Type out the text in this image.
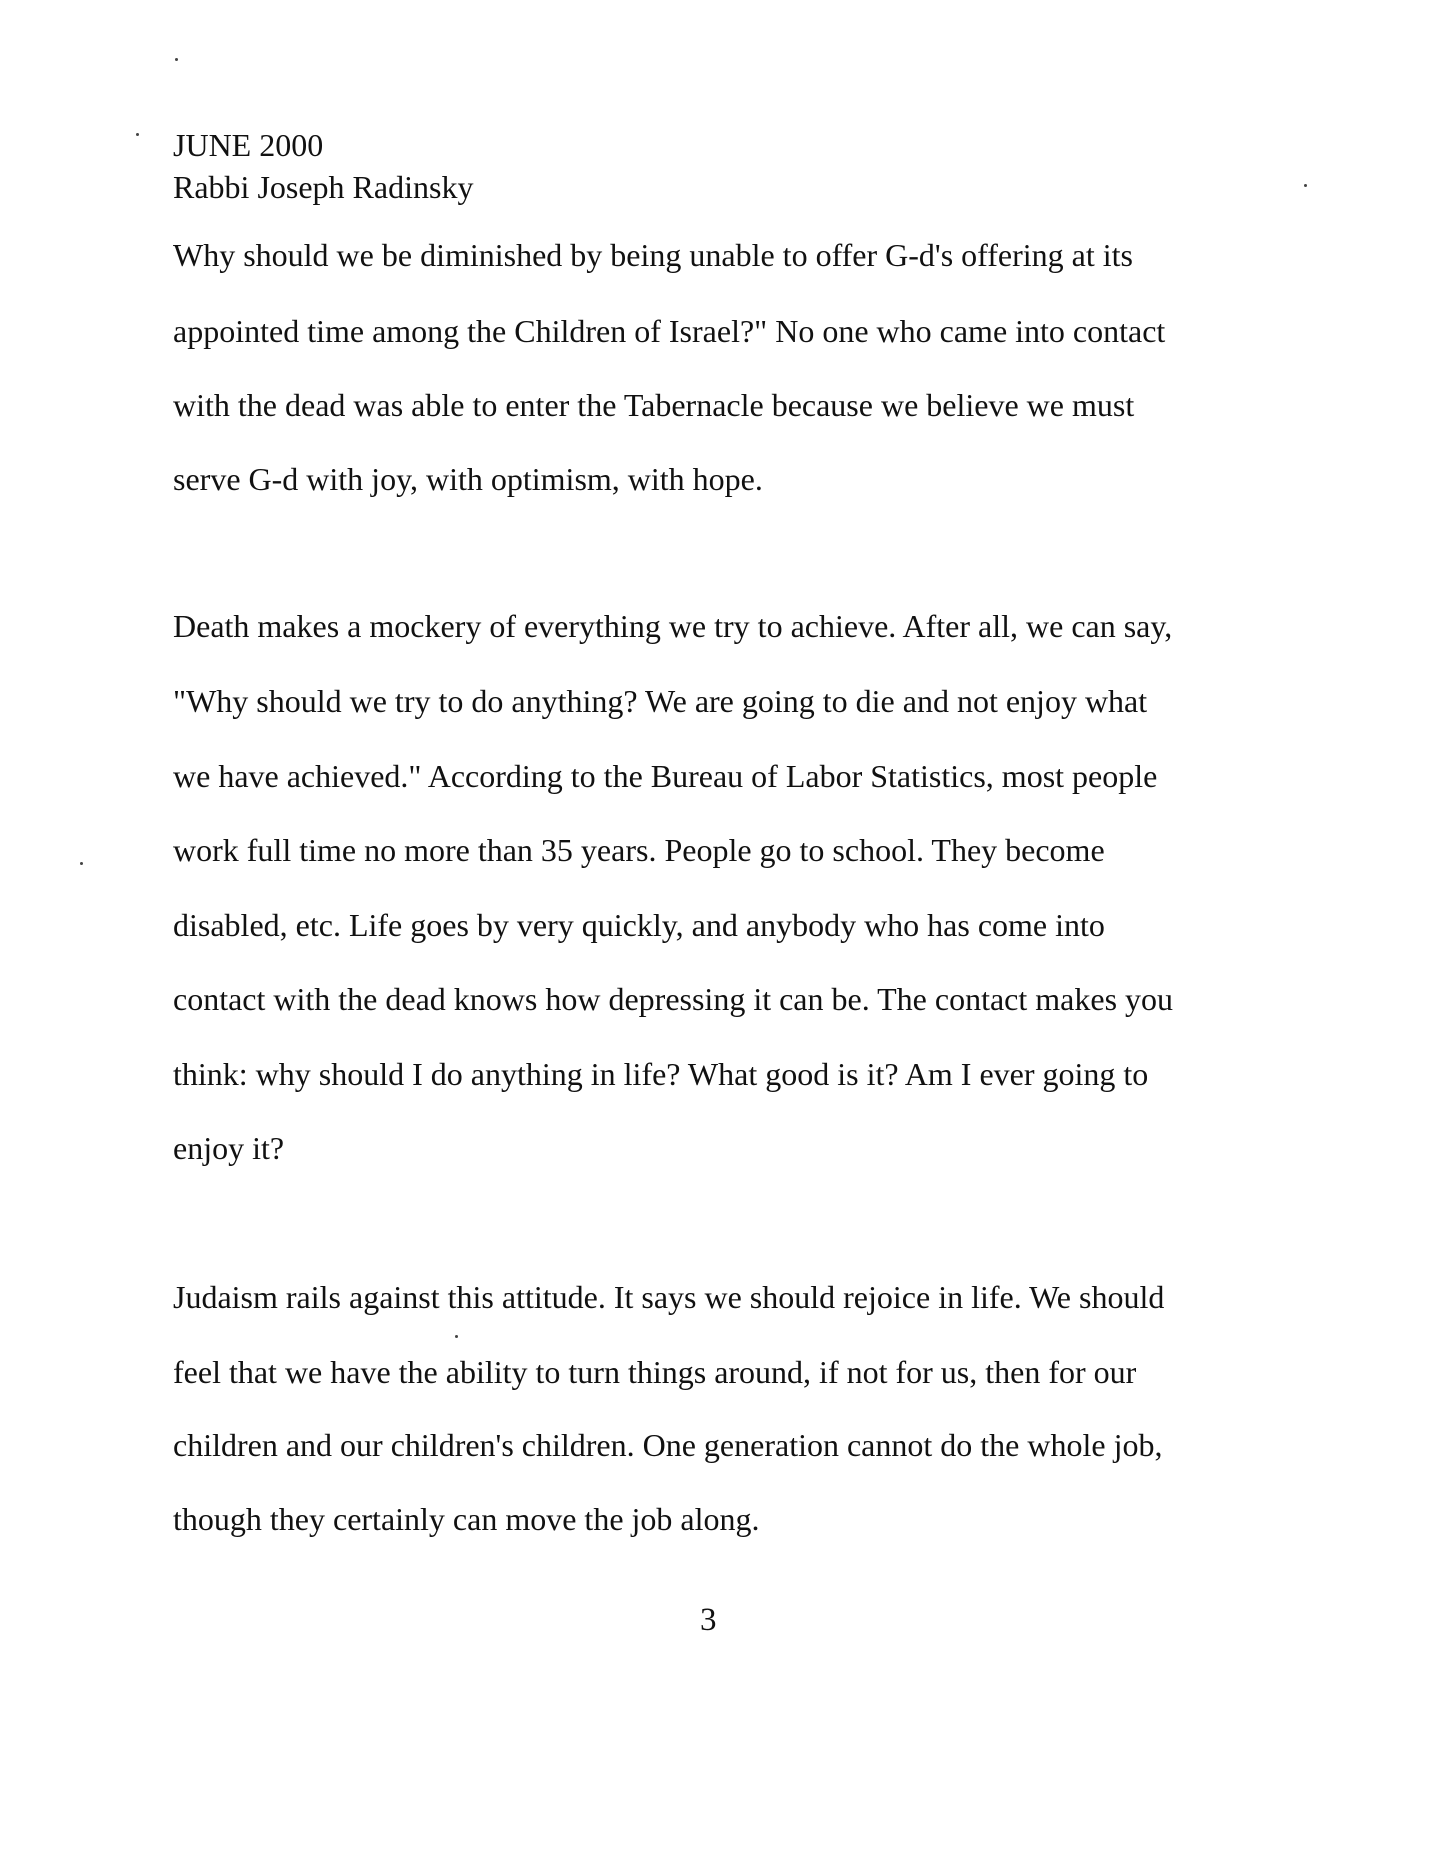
JUNE 2000
Rabbi Joseph Radinsky
Why should we be diminished by being unable to offer G-d's offering at its
appointed time among the Children of Israel?" No one who came into contact
with the dead was able to enter the Tabernacle because we believe we must
serve G-d with joy, with optimism, with hope.
Death makes a mockery of everything we try to achieve. After all, we can say,
"Why should we try to do anything? We are going to die and not enjoy what
we have achieved." According to the Bureau of Labor Statistics, most people
work full time no more than 35 years. People go to school. They become
disabled, etc. Life goes by very quickly, and anybody who has come into
contact with the dead knows how depressing it can be. The contact makes you
think: why should I do anything in life? What good is it? Am I ever going to
enjoy it?
Judaism rails against this attitude. It says we should rejoice in life. We should
feel that we have the ability to turn things around, if not for us, then for our
children and our children's children. One generation cannot do the whole job,
though they certainly can move the job along.
3
